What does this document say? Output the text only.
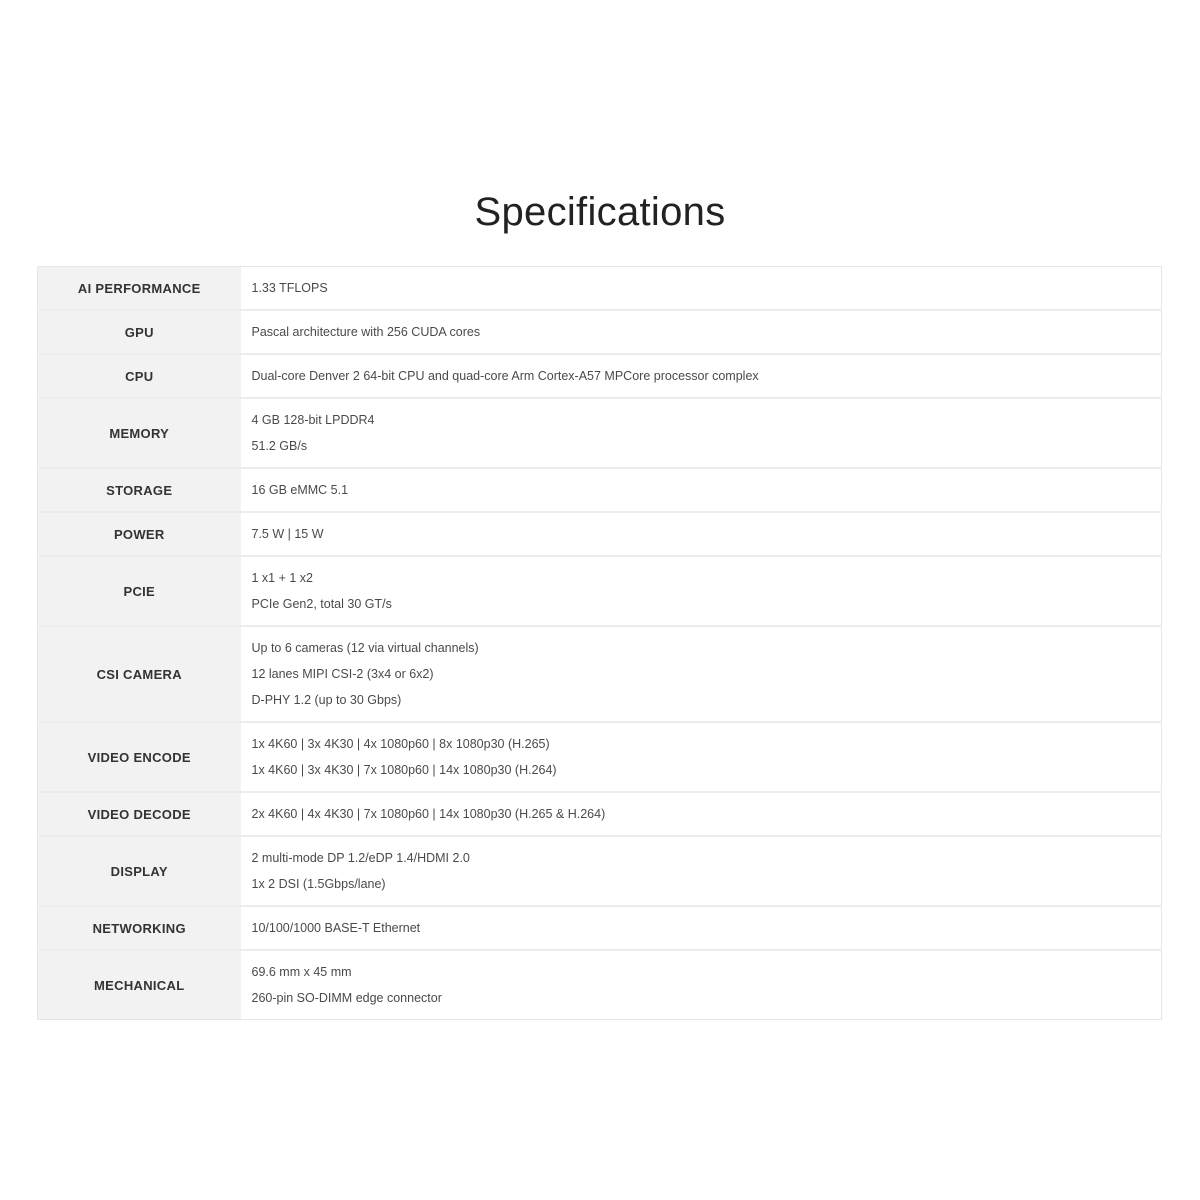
Specifications
AI PERFORMANCE	1.33 TFLOPS

GPU	Pascal architecture with 256 CUDA cores

CPU	Dual-core Denver 2 64-bit CPU and quad-core Arm Cortex-A57 MPCore processor complex

MEMORY	4 GB 128-bit LPDDR4
51.2 GB/s

STORAGE	16 GB eMMC 5.1

POWER	7.5 W | 15 W

PCIE	1 x1 + 1 x2
PCIe Gen2, total 30 GT/s

CSI CAMERA	Up to 6 cameras (12 via virtual channels)
12 lanes MIPI CSI-2 (3x4 or 6x2)
D-PHY 1.2 (up to 30 Gbps)

VIDEO ENCODE	1x 4K60 | 3x 4K30 | 4x 1080p60 | 8x 1080p30 (H.265)
1x 4K60 | 3x 4K30 | 7x 1080p60 | 14x 1080p30 (H.264)

VIDEO DECODE	2x 4K60 | 4x 4K30 | 7x 1080p60 | 14x 1080p30 (H.265 & H.264)

DISPLAY	2 multi-mode DP 1.2/eDP 1.4/HDMI 2.0
1x 2 DSI (1.5Gbps/lane)

NETWORKING	10/100/1000 BASE-T Ethernet

MECHANICAL	69.6 mm x 45 mm
260-pin SO-DIMM edge connector
